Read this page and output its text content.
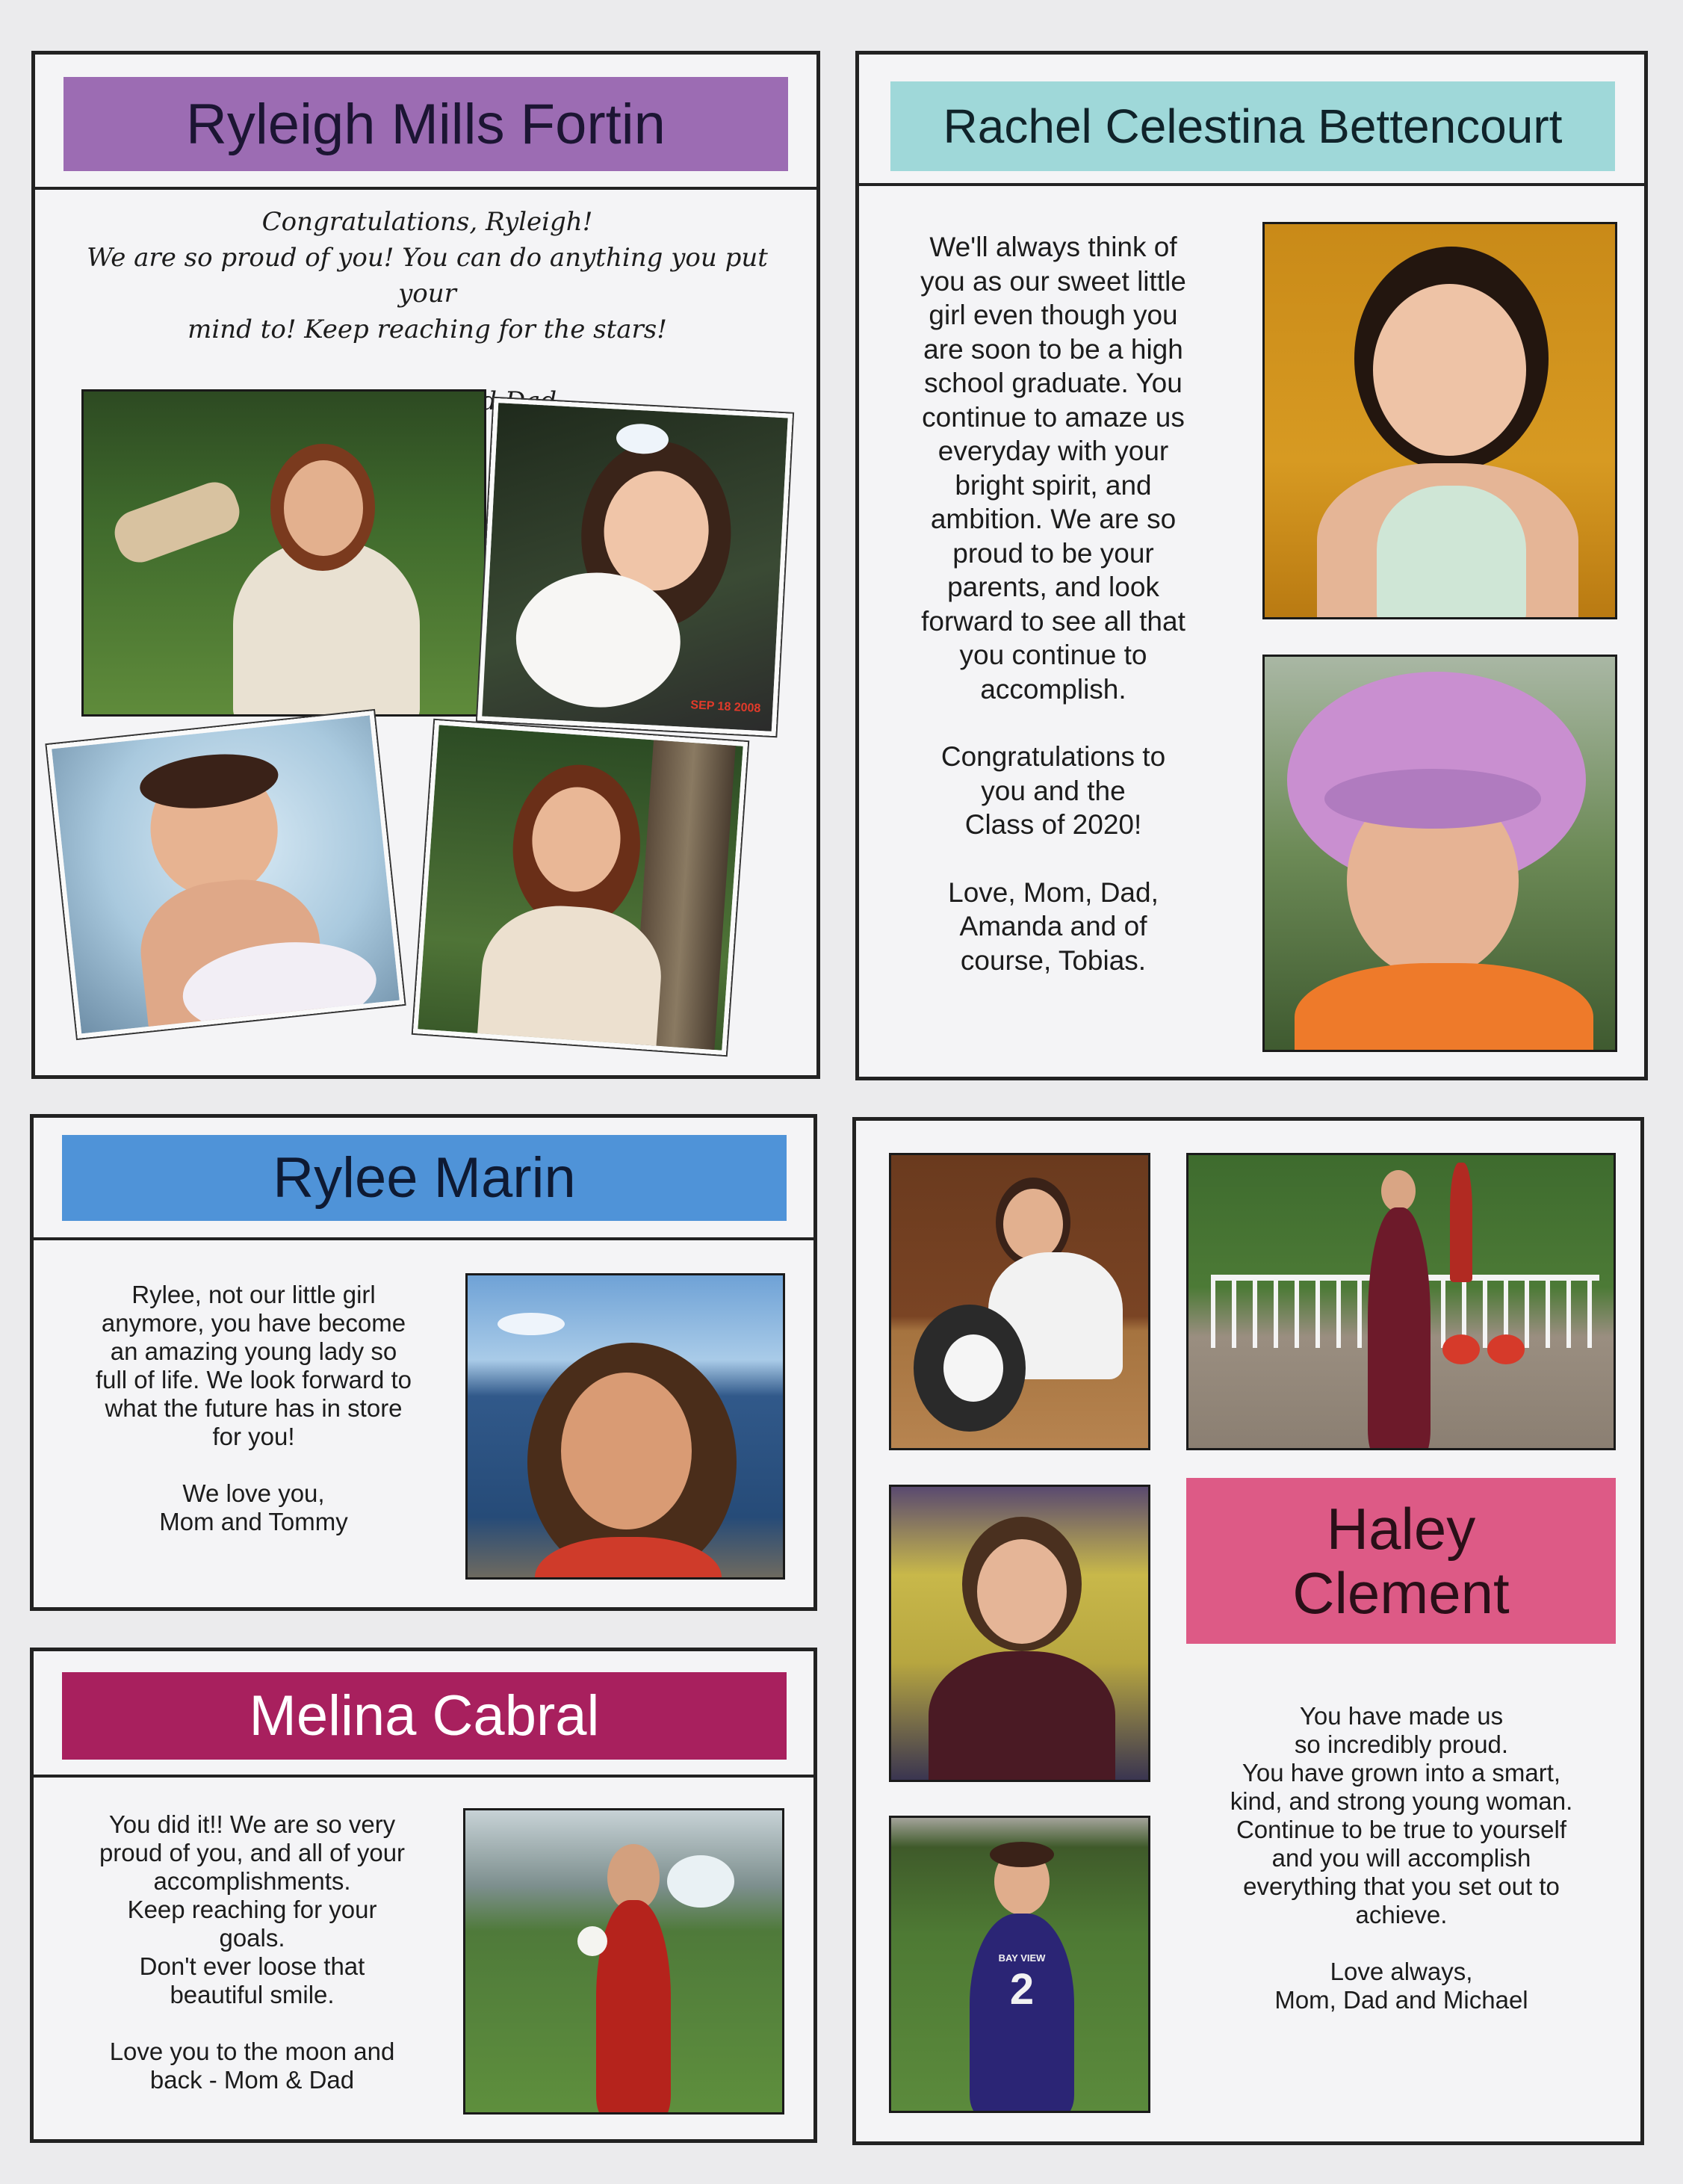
Ryleigh Mills Fortin

Congratulations, Ryleigh!
We are so proud of you! You can do anything you put your
mind to! Keep reaching for the stars!

SEP 18 2008
Rachel Celestina Bettencourt

We'll always think of
you as our sweet little
girl even though you
are soon to be a high
school graduate. You
continue to amaze us
everyday with your
bright spirit, and
ambition. We are so
proud to be your
parents, and look
forward to see all that
you continue to
accomplish.

Congratulations to
you and the
Class of 2020!

Love, Mom, Dad,
Amanda and of
course, Tobias.

Rylee Marin

Rylee, not our little girl
anymore, you have become
an amazing young lady so
full of life. We look forward to
what the future has in store
for you!

We love you,
Mom and Tommy

Melina Cabral

You did it!! We are so very
proud of you, and all of your
accomplishments.
Keep reaching for your
goals.
Don't ever loose that
beautiful smile.

Love you to the moon and
back - Mom & Dad

Haley
Clement
BAY VIEW
2

You have made us
so incredibly proud.
You have grown into a smart,
kind, and strong young woman.
Continue to be true to yourself
and you will accomplish
everything that you set out to
achieve.

Love always,
Mom, Dad and Michael
